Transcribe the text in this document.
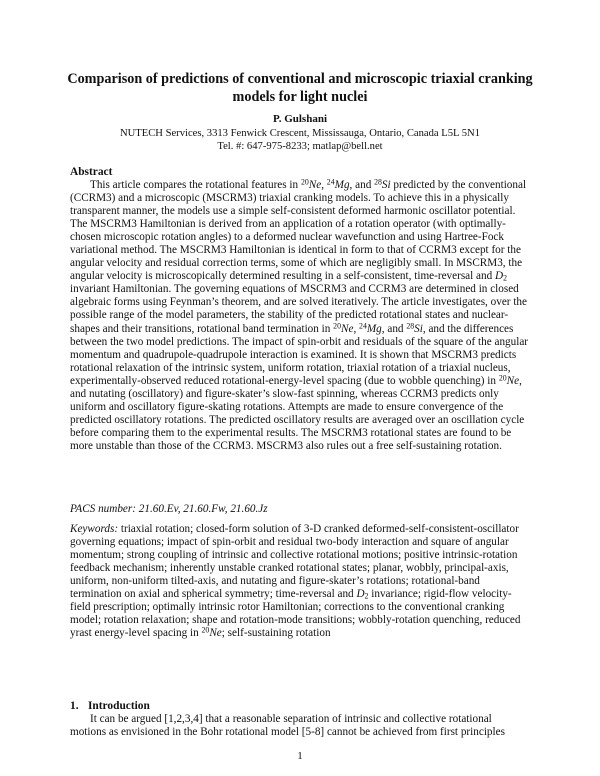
Comparison of predictions of conventional and microscopic triaxial cranking models for light nuclei
P. Gulshani
NUTECH Services, 3313 Fenwick Crescent, Mississauga, Ontario, Canada L5L 5N1
Tel. #: 647-975-8233; matlap@bell.net
Abstract

This article compares the rotational features in $^{20}$Ne, $^{24}$Mg, and $^{28}$Si predicted by the conventional (CCRM3) and a microscopic (MSCRM3) triaxial cranking models. To achieve this in a physically transparent manner, the models use a simple self-consistent deformed harmonic oscillator potential. The MSCRM3 Hamiltonian is derived from an application of a rotation operator (with optimally-chosen microscopic rotation angles) to a deformed nuclear wavefunction and using Hartree-Fock variational method. The MSCRM3 Hamiltonian is identical in form to that of CCRM3 except for the angular velocity and residual correction terms, some of which are negligibly small. In MSCRM3, the angular velocity is microscopically determined resulting in a self-consistent, time-reversal and $D_2$ invariant Hamiltonian. The governing equations of MSCRM3 and CCRM3 are determined in closed algebraic forms using Feynman’s theorem, and are solved iteratively. The article investigates, over the possible range of the model parameters, the stability of the predicted rotational states and nuclear-shapes and their transitions, rotational band termination in $^{20}$Ne, $^{24}$Mg, and $^{28}$Si, and the differences between the two model predictions. The impact of spin-orbit and residuals of the square of the angular momentum and quadrupole-quadrupole interaction is examined. It is shown that MSCRM3 predicts rotational relaxation of the intrinsic system, uniform rotation, triaxial rotation of a triaxial nucleus, experimentally-observed reduced rotational-energy-level spacing (due to wobble quenching) in $^{20}$Ne, and nutating (oscillatory) and figure-skater’s slow-fast spinning, whereas CCRM3 predicts only uniform and oscillatory figure-skating rotations. Attempts are made to ensure convergence of the predicted oscillatory rotations. The predicted oscillatory results are averaged over an oscillation cycle before comparing them to the experimental results. The MSCRM3 rotational states are found to be more unstable than those of the CCRM3. MSCRM3 also rules out a free self-sustaining rotation.

PACS number: 21.60.Ev, 21.60.Fw, 21.60.Jz

Keywords: triaxial rotation; closed-form solution of 3-D cranked deformed-self-consistent-oscillator governing equations; impact of spin-orbit and residual two-body interaction and square of angular momentum; strong coupling of intrinsic and collective rotational motions; positive intrinsic-rotation feedback mechanism; inherently unstable cranked rotational states; planar, wobbly, principal-axis, uniform, non-uniform tilted-axis, and nutating and figure-skater’s rotations; rotational-band termination on axial and spherical symmetry; time-reversal and $D_2$ invariance; rigid-flow velocity-field prescription; optimally intrinsic rotor Hamiltonian; corrections to the conventional cranking model; rotation relaxation; shape and rotation-mode transitions; wobbly-rotation quenching, reduced yrast energy-level spacing in $^{20}$Ne; self-sustaining rotation

1. Introduction

It can be argued [1,2,3,4] that a reasonable separation of intrinsic and collective rotational motions as envisioned in the Bohr rotational model [5-8] cannot be achieved from first principles

1
